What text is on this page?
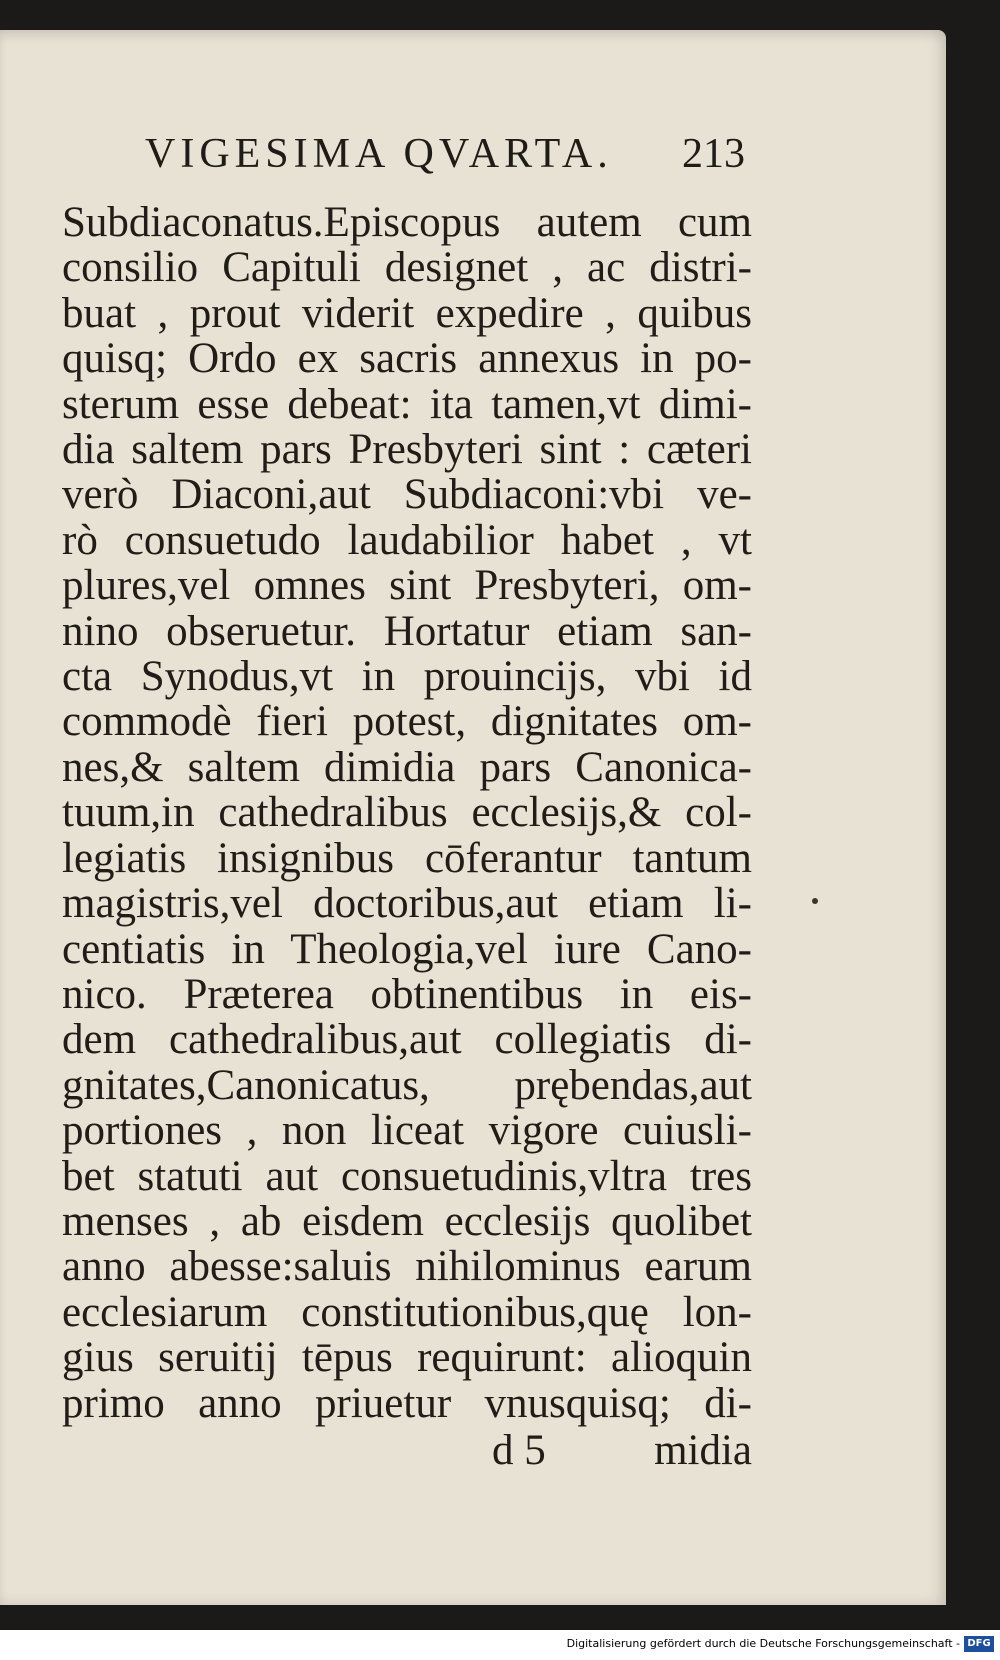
VIGESIMA QVARTA. 213
Subdiaconatus.Episcopus autem cum
consilio Capituli designet , ac distri-
buat , prout viderit expedire , quibus
quisq; Ordo ex sacris annexus in po-
sterum esse debeat: ita tamen,vt dimi-
dia saltem pars Presbyteri sint : cæteri
verò Diaconi,aut Subdiaconi:vbi ve-
rò consuetudo laudabilior habet , vt
plures,vel omnes sint Presbyteri, om-
nino obseruetur. Hortatur etiam san-
cta Synodus,vt in prouincijs, vbi id
commodè fieri potest, dignitates om-
nes,& saltem dimidia pars Canonica-
tuum,in cathedralibus ecclesijs,& col-
legiatis insignibus cōferantur tantum
magistris,vel doctoribus,aut etiam li-
centiatis in Theologia,vel iure Cano-
nico. Præterea obtinentibus in eis-
dem cathedralibus,aut collegiatis di-
gnitates,Canonicatus, prębendas,aut
portiones , non liceat vigore cuiusli-
bet statuti aut consuetudinis,vltra tres
menses , ab eisdem ecclesijs quolibet
anno abesse:saluis nihilominus earum
ecclesiarum constitutionibus,quę lon-
gius seruitij tēpus requirunt: alioquin
primo anno priuetur vnusquisq; di-
d 5	midia
Digitalisierung gefördert durch die Deutsche Forschungsgemeinschaft - DFG
